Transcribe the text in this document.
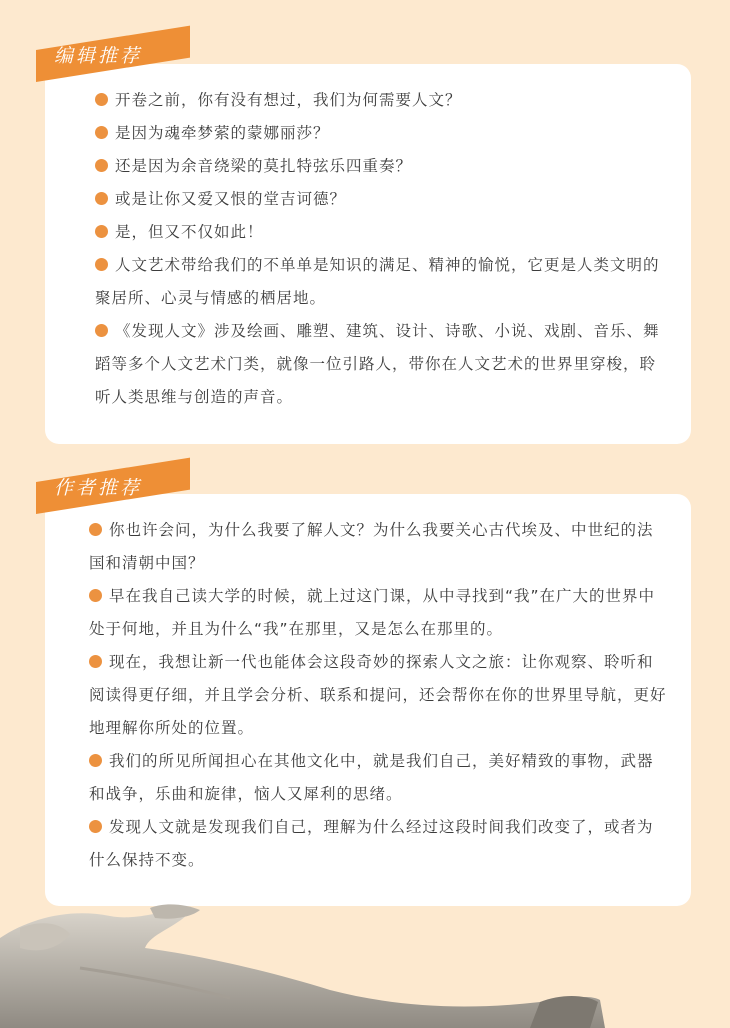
开卷之前，你有没有想过，我们为何需要人文？
是因为魂牵梦萦的蒙娜丽莎？
还是因为余音绕梁的莫扎特弦乐四重奏？
或是让你又爱又恨的堂吉诃德？
是，但又不仅如此！
人文艺术带给我们的不单单是知识的满足、精神的愉悦，它更是人类文明的聚居所、心灵与情感的栖居地。
《发现人文》涉及绘画、雕塑、建筑、设计、诗歌、小说、戏剧、音乐、舞蹈等多个人文艺术门类，就像一位引路人，带你在人文艺术的世界里穿梭，聆听人类思维与创造的声音。
编辑推荐
你也许会问，为什么我要了解人文？为什么我要关心古代埃及、中世纪的法国和清朝中国？
早在我自己读大学的时候，就上过这门课，从中寻找到“我”在广大的世界中处于何地，并且为什么“我”在那里，又是怎么在那里的。
现在，我想让新一代也能体会这段奇妙的探索人文之旅：让你观察、聆听和阅读得更仔细，并且学会分析、联系和提问，还会帮你在你的世界里导航，更好地理解你所处的位置。
我们的所见所闻担心在其他文化中，就是我们自己，美好精致的事物，武器和战争，乐曲和旋律，恼人又犀利的思绪。
发现人文就是发现我们自己，理解为什么经过这段时间我们改变了，或者为什么保持不变。
作者推荐
